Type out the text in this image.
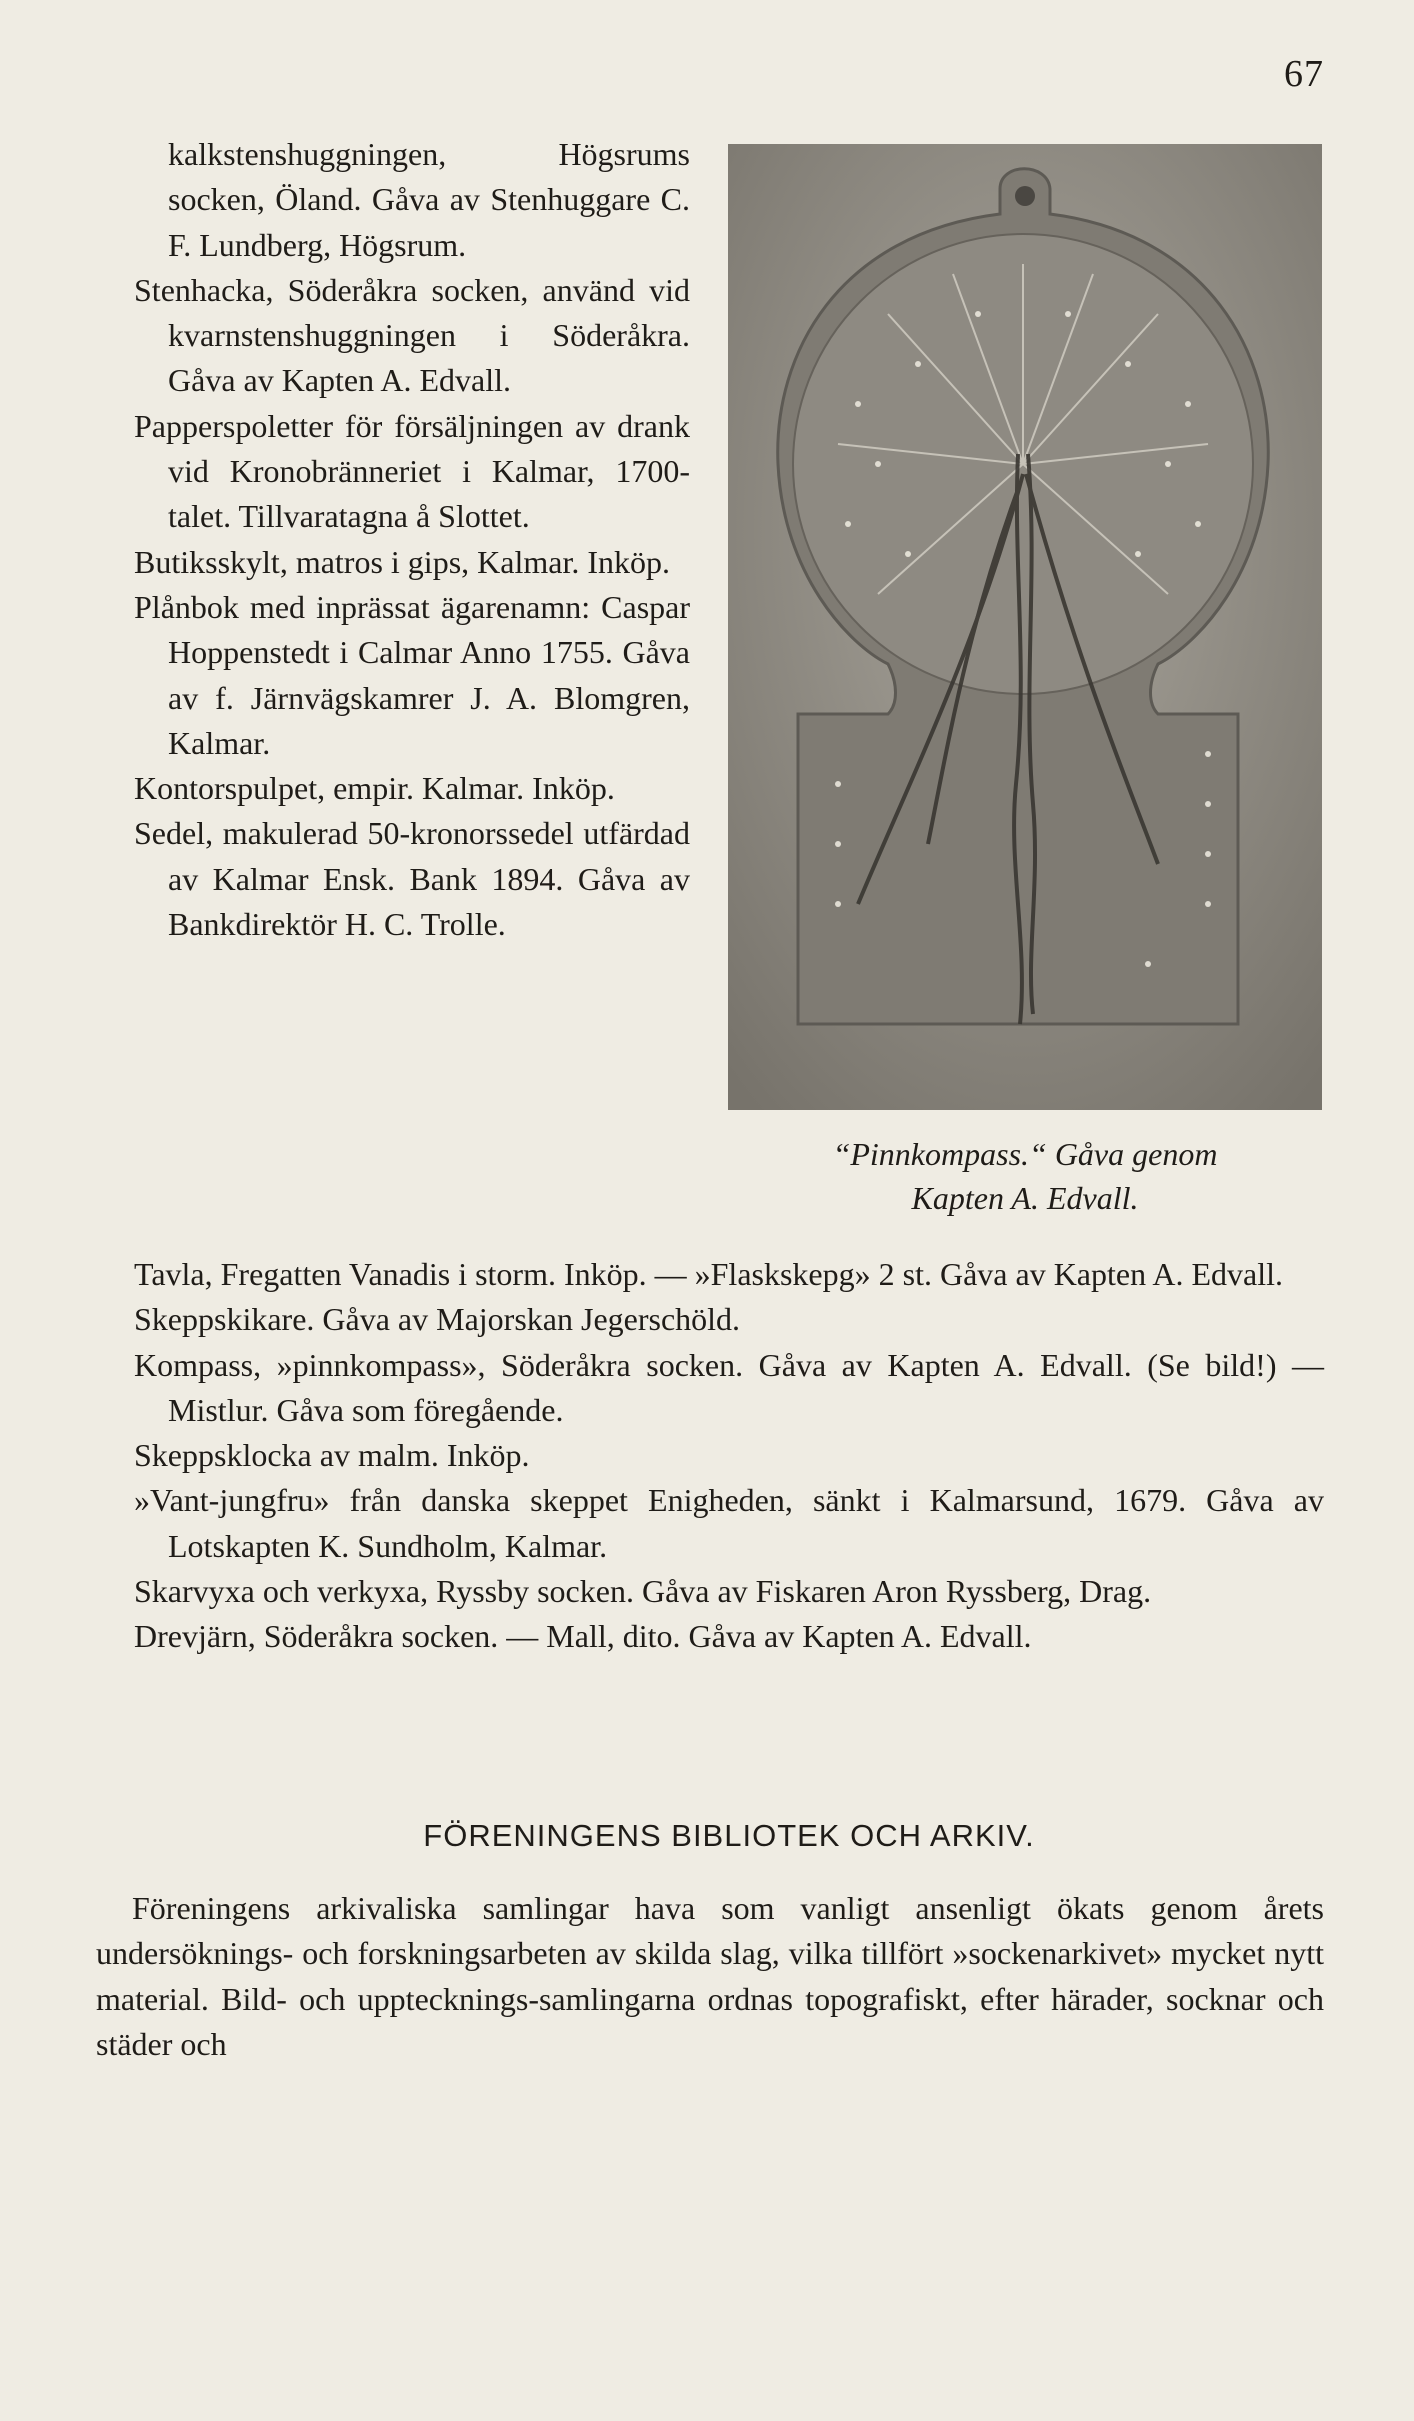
67

kalkstenshuggningen, Högsrums socken, Öland. Gåva av Stenhuggare C. F. Lundberg, Högsrum.

Stenhacka, Söderåkra socken, använd vid kvarnstenshuggningen i Söderåkra. Gåva av Kapten A. Edvall.

Papperspoletter för försäljningen av drank vid Kronobränneriet i Kalmar, 1700-talet. Tillvaratagna å Slottet.

Butiksskylt, matros i gips, Kalmar. Inköp.

Plånbok med inprässat ägarenamn: Caspar Hoppenstedt i Calmar Anno 1755. Gåva av f. Järnvägskamrer J. A. Blomgren, Kalmar.

Kontorspulpet, empir. Kalmar. Inköp.

Sedel, makulerad 50-kronorssedel utfärdad av Kalmar Ensk. Bank 1894. Gåva av Bankdirektör H. C. Trolle.

“Pinnkompass.“ Gåva genom
Kapten A. Edvall.

Tavla, Fregatten Vanadis i storm. Inköp. — »Flaskskepg» 2 st. Gåva av Kapten A. Edvall.

Skeppskikare. Gåva av Majorskan Jegerschöld.

Kompass, »pinnkompass», Söderåkra socken. Gåva av Kapten A. Edvall. (Se bild!) — Mistlur. Gåva som föregående.

Skeppsklocka av malm. Inköp.

»Vant-jungfru» från danska skeppet Enigheden, sänkt i Kalmarsund, 1679. Gåva av Lotskapten K. Sundholm, Kalmar.

Skarvyxa och verkyxa, Ryssby socken. Gåva av Fiskaren Aron Ryssberg, Drag.

Drevjärn, Söderåkra socken. — Mall, dito. Gåva av Kapten A. Edvall.

FÖRENINGENS BIBLIOTEK OCH ARKIV.

Föreningens arkivaliska samlingar hava som vanligt ansenligt ökats genom årets undersöknings- och forskningsarbeten av skilda slag, vilka tillfört »sockenarkivet» mycket nytt material. Bild- och upptecknings-samlingarna ordnas topografiskt, efter härader, socknar och städer och
